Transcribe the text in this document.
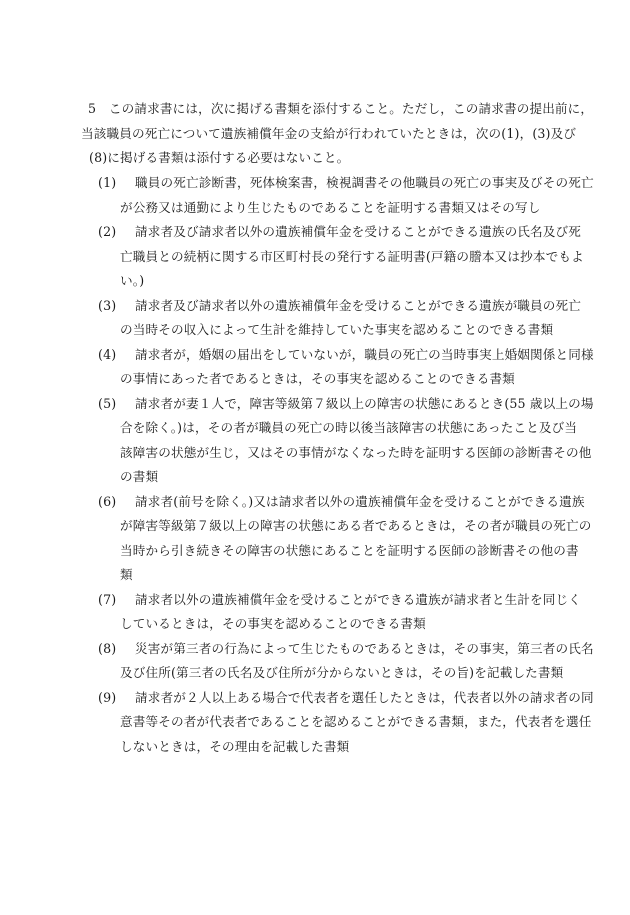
5　この請求書には，次に掲げる書類を添付すること。ただし，この請求書の提出前に，
当該職員の死亡について遺族補償年金の支給が行われていたときは，次の(1)，(3)及び
(8)に掲げる書類は添付する必要はないこと。
(1)	職員の死亡診断書，死体検案書，検視調書その他職員の死亡の事実及びその死亡
が公務又は通勤により生じたものであることを証明する書類又はその写し
(2)	請求者及び請求者以外の遺族補償年金を受けることができる遺族の氏名及び死
亡職員との続柄に関する市区町村長の発行する証明書(戸籍の謄本又は抄本でもよ
い。)
(3)	請求者及び請求者以外の遺族補償年金を受けることができる遺族が職員の死亡
の当時その収入によって生計を維持していた事実を認めることのできる書類
(4)	請求者が，婚姻の届出をしていないが，職員の死亡の当時事実上婚姻関係と同様
の事情にあった者であるときは，その事実を認めることのできる書類
(5)	請求者が妻１人で，障害等級第７級以上の障害の状態にあるとき(55 歳以上の場
合を除く。)は，その者が職員の死亡の時以後当該障害の状態にあったこと及び当
該障害の状態が生じ，又はその事情がなくなった時を証明する医師の診断書その他
の書類
(6)	請求者(前号を除く。)又は請求者以外の遺族補償年金を受けることができる遺族
が障害等級第７級以上の障害の状態にある者であるときは，その者が職員の死亡の
当時から引き続きその障害の状態にあることを証明する医師の診断書その他の書
類
(7)	請求者以外の遺族補償年金を受けることができる遺族が請求者と生計を同じく
しているときは，その事実を認めることのできる書類
(8)	災害が第三者の行為によって生じたものであるときは，その事実，第三者の氏名
及び住所(第三者の氏名及び住所が分からないときは，その旨)を記載した書類
(9)	請求者が２人以上ある場合で代表者を選任したときは，代表者以外の請求者の同
意書等その者が代表者であることを認めることができる書類，また，代表者を選任
しないときは，その理由を記載した書類
